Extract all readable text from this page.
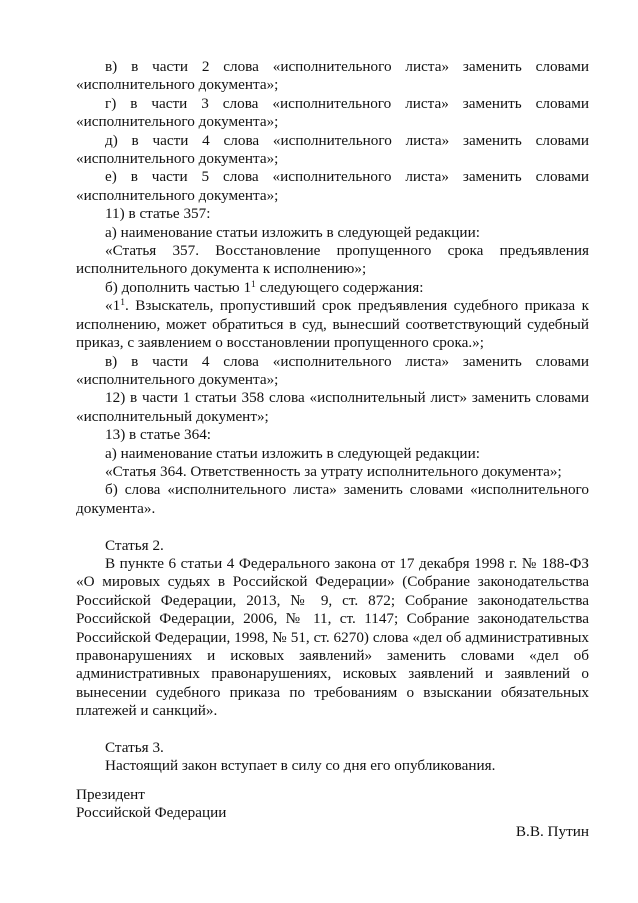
в) в части 2 слова «исполнительного листа» заменить словами «исполнительного документа»;

г) в части 3 слова «исполнительного листа» заменить словами «исполнительного документа»;

д) в части 4 слова «исполнительного листа» заменить словами «исполнительного документа»;

е) в части 5 слова «исполнительного листа» заменить словами «исполнительного документа»;

11) в статье 357:

а) наименование статьи изложить в следующей редакции:

«Статья 357. Восстановление пропущенного срока предъявления исполнительного документа к исполнению»;

б) дополнить частью $1^1$ следующего содержания:

«$1^1$. Взыскатель, пропустивший срок предъявления судебного приказа к исполнению, может обратиться в суд, вынесший соответствующий судебный приказ, с заявлением о восстановлении пропущенного срока.»;

в) в части 4 слова «исполнительного листа» заменить словами «исполнительного документа»;

12) в части 1 статьи 358 слова «исполнительный лист» заменить словами «исполнительный документ»;

13) в статье 364:

а) наименование статьи изложить в следующей редакции:

«Статья 364. Ответственность за утрату исполнительного документа»;

б) слова «исполнительного листа» заменить словами «исполнительного документа».

Статья 2.

В пункте 6 статьи 4 Федерального закона от 17 декабря 1998 г. № 188-ФЗ «О мировых судьях в Российской Федерации» (Собрание законодательства Российской Федерации, 2013, № 9, ст. 872; Собрание законодательства Российской Федерации, 2006, № 11, ст. 1147; Собрание законодательства Российской Федерации, 1998, № 51, ст. 6270) слова «дел об административных правонарушениях и исковых заявлений» заменить словами «дел об административных правонарушениях, исковых заявлений и заявлений о вынесении судебного приказа по требованиям о взыскании обязательных платежей и санкций».

Статья 3.

Настоящий закон вступает в силу со дня его опубликования.

Президент

Российской Федерации

В.В. Путин
